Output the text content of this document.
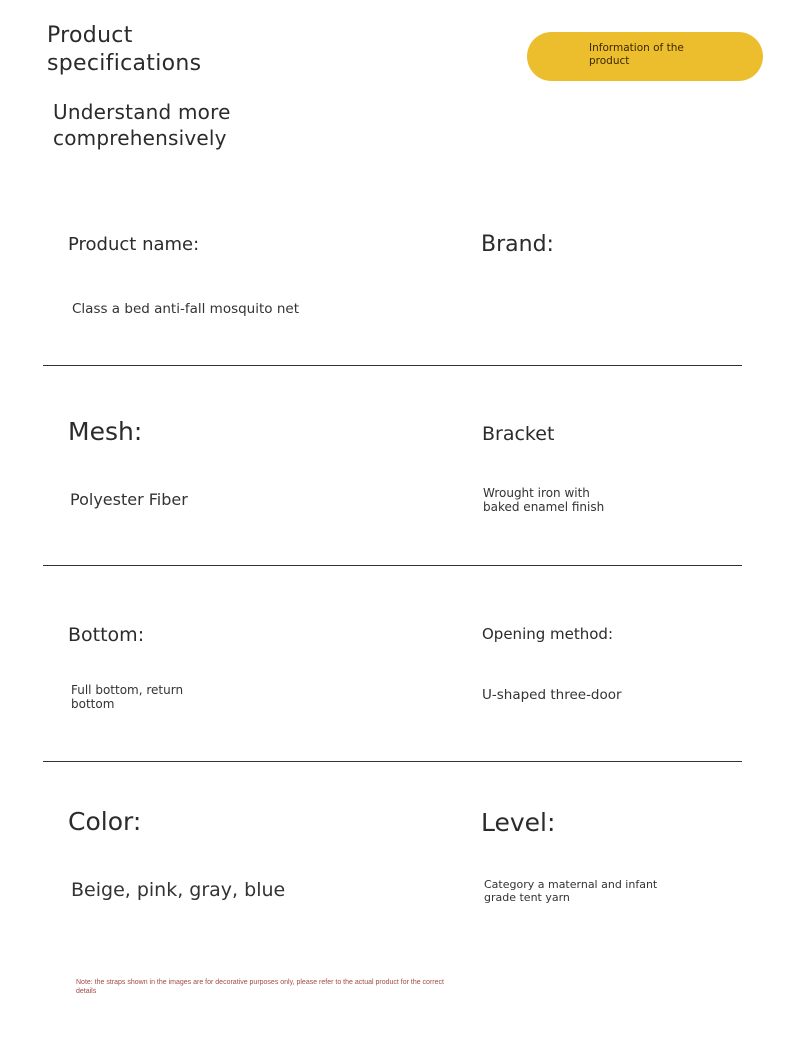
Product specifications
Understand more comprehensively
Information of the product
Product name:
Class a bed anti-fall mosquito net
Brand:
Mesh:
Polyester Fiber
Bracket
Wrought iron with baked enamel finish
Bottom:
Full bottom, return bottom
Opening method:
U-shaped three-door
Color:
Beige, pink, gray, blue
Level:
Category a maternal and infant grade tent yarn
Note: the straps shown in the images are for decorative purposes only, please refer to the actual product for the correct details
